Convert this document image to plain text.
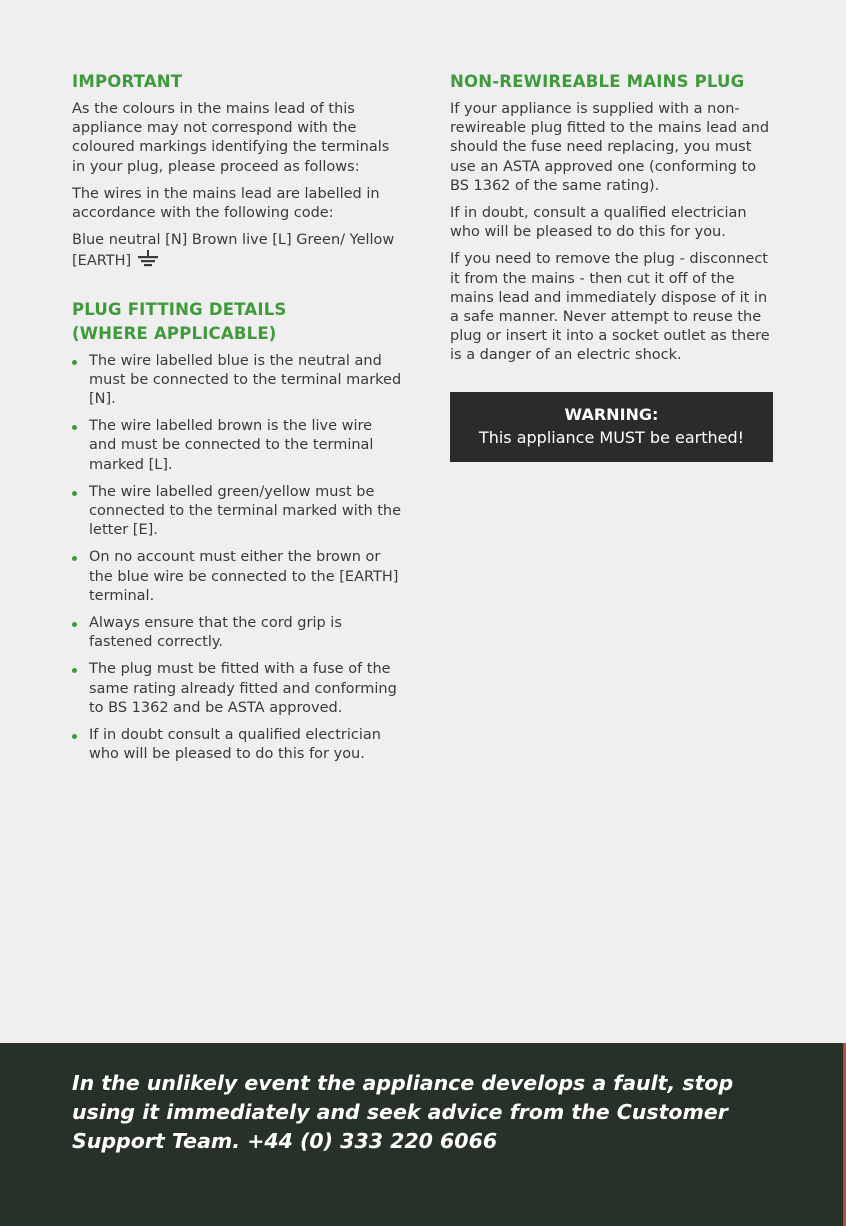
IMPORTANT

As the colours in the mains lead of this appliance may not correspond with the coloured markings identifying the terminals in your plug, please proceed as follows:

The wires in the mains lead are labelled in accordance with the following code:

Blue neutral [N] Brown live [L] Green/ Yellow [EARTH]

PLUG FITTING DETAILS
(WHERE APPLICABLE)
The wire labelled blue is the neutral and must be connected to the terminal marked [N].
The wire labelled brown is the live wire and must be connected to the terminal marked [L].
The wire labelled green/yellow must be connected to the terminal marked with the letter [E].
On no account must either the brown or the blue wire be connected to the [EARTH] terminal.
Always ensure that the cord grip is fastened correctly.
The plug must be fitted with a fuse of the same rating already fitted and conforming to BS 1362 and be ASTA approved.
If in doubt consult a qualified electrician who will be pleased to do this for you.
NON-REWIREABLE MAINS PLUG

If your appliance is supplied with a non-rewireable plug fitted to the mains lead and should the fuse need replacing, you must use an ASTA approved one (conforming to BS 1362 of the same rating).

If in doubt, consult a qualified electrician who will be pleased to do this for you.

If you need to remove the plug - disconnect it from the mains - then cut it off of the mains lead and immediately dispose of it in a safe manner. Never attempt to reuse the plug or insert it into a socket outlet as there is a danger of an electric shock.

WARNING:
This appliance MUST be earthed!

In the unlikely event the appliance develops a fault, stop using it immediately and seek advice from the Customer Support Team. +44 (0) 333 220 6066
